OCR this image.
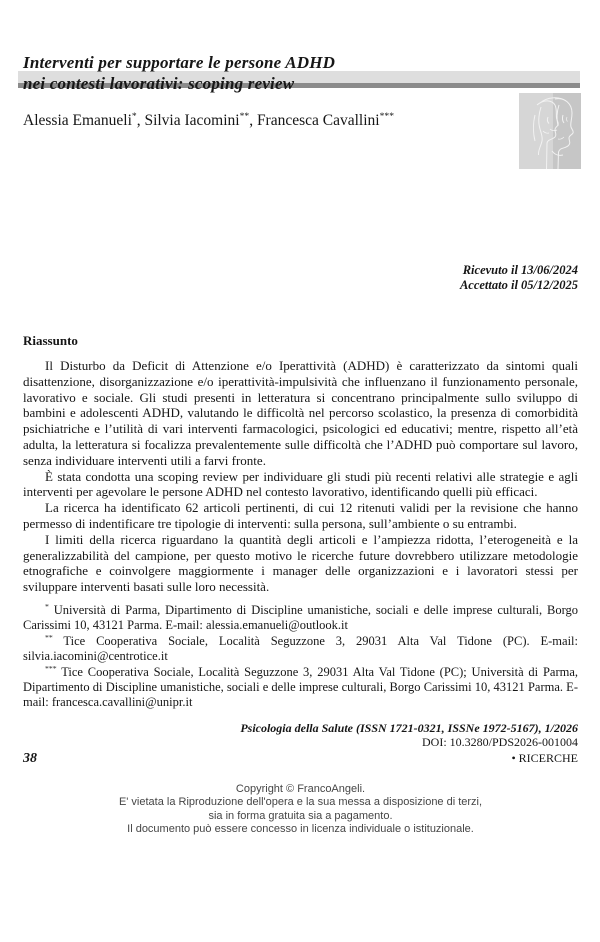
Interventi per supportare le persone ADHD
nei contesti lavorativi: scoping review
Alessia Emanueli*, Silvia Iacomini**, Francesca Cavallini***
Ricevuto il 13/06/2024
Accettato il 05/12/2025
Riassunto

Il Disturbo da Deficit di Attenzione e/o Iperattività (ADHD) è caratterizzato da sintomi quali disattenzione, disorganizzazione e/o iperattività-impulsività che influenzano il funzionamento personale, lavorativo e sociale. Gli studi presenti in letteratura si concentrano principalmente sullo sviluppo di bambini e adolescenti ADHD, valutando le difficoltà nel percorso scolastico, la presenza di comorbidità psichiatriche e l’utilità di vari interventi farmacologici, psicologici ed educativi; mentre, rispetto all’età adulta, la letteratura si focalizza prevalentemente sulle difficoltà che l’ADHD può comportare sul lavoro, senza individuare interventi utili a farvi fronte.

È stata condotta una scoping review per individuare gli studi più recenti relativi alle strategie e agli interventi per agevolare le persone ADHD nel contesto lavorativo, identificando quelli più efficaci.

La ricerca ha identificato 62 articoli pertinenti, di cui 12 ritenuti validi per la revisione che hanno permesso di indentificare tre tipologie di interventi: sulla persona, sull’ambiente o su entrambi.

I limiti della ricerca riguardano la quantità degli articoli e l’ampiezza ridotta, l’eterogeneità e la generalizzabilità del campione, per questo motivo le ricerche future dovrebbero utilizzare metodologie etnografiche e coinvolgere maggiormente i manager delle organizzazioni e i lavoratori stessi per sviluppare interventi basati sulle loro necessità.

* Università di Parma, Dipartimento di Discipline umanistiche, sociali e delle imprese culturali, Borgo Carissimi 10, 43121 Parma. E-mail: alessia.emanueli@outlook.it

** Tice Cooperativa Sociale, Località Seguzzone 3, 29031 Alta Val Tidone (PC). E-mail: silvia.iacomini@centrotice.it

*** Tice Cooperativa Sociale, Località Seguzzone 3, 29031 Alta Val Tidone (PC); Università di Parma, Dipartimento di Discipline umanistiche, sociali e delle imprese culturali, Borgo Carissimi 10, 43121 Parma. E-mail: francesca.cavallini@unipr.it

Psicologia della Salute (ISSN 1721-0321, ISSNe 1972-5167), 1/2026
DOI: 10.3280/PDS2026-001004
38	• RICERCHE
Copyright © FrancoAngeli.
E' vietata la Riproduzione dell'opera e la sua messa a disposizione di terzi,
sia in forma gratuita sia a pagamento.
Il documento può essere concesso in licenza individuale o istituzionale.
